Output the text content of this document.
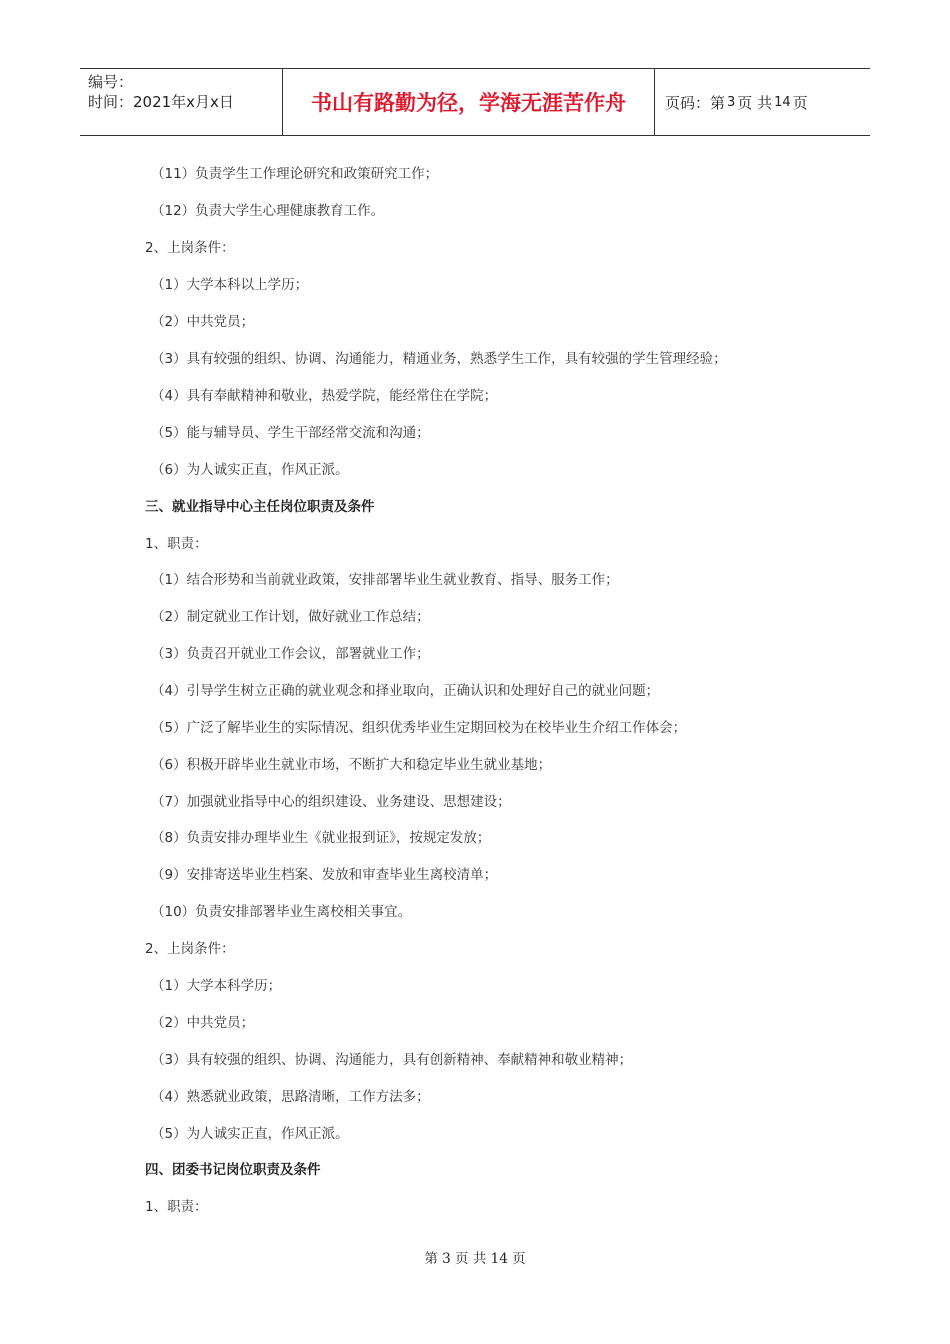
编号：
时间：2021年x月x日	书山有路勤为径，学海无涯苦作舟	页码：第 3 页 共 14 页
（11）负责学生工作理论研究和政策研究工作；
（12）负责大学生心理健康教育工作。
2、上岗条件：
（1）大学本科以上学历；
（2）中共党员；
（3）具有较强的组织、协调、沟通能力，精通业务，熟悉学生工作，具有较强的学生管理经验；
（4）具有奉献精神和敬业，热爱学院，能经常住在学院；
（5）能与辅导员、学生干部经常交流和沟通；
（6）为人诚实正直，作风正派。
三、就业指导中心主任岗位职责及条件
1、职责：
（1）结合形势和当前就业政策，安排部署毕业生就业教育、指导、服务工作；
（2）制定就业工作计划，做好就业工作总结；
（3）负责召开就业工作会议，部署就业工作；
（4）引导学生树立正确的就业观念和择业取向，正确认识和处理好自己的就业问题；
（5）广泛了解毕业生的实际情况、组织优秀毕业生定期回校为在校毕业生介绍工作体会；
（6）积极开辟毕业生就业市场，不断扩大和稳定毕业生就业基地；
（7）加强就业指导中心的组织建设、业务建设、思想建设；
（8）负责安排办理毕业生《就业报到证》，按规定发放；
（9）安排寄送毕业生档案、发放和审查毕业生离校清单；
（10）负责安排部署毕业生离校相关事宜。
2、上岗条件：
（1）大学本科学历；
（2）中共党员；
（3）具有较强的组织、协调、沟通能力，具有创新精神、奉献精神和敬业精神；
（4）熟悉就业政策，思路清晰，工作方法多；
（5）为人诚实正直，作风正派。
四、团委书记岗位职责及条件
1、职责：
第 3 页 共 14 页
